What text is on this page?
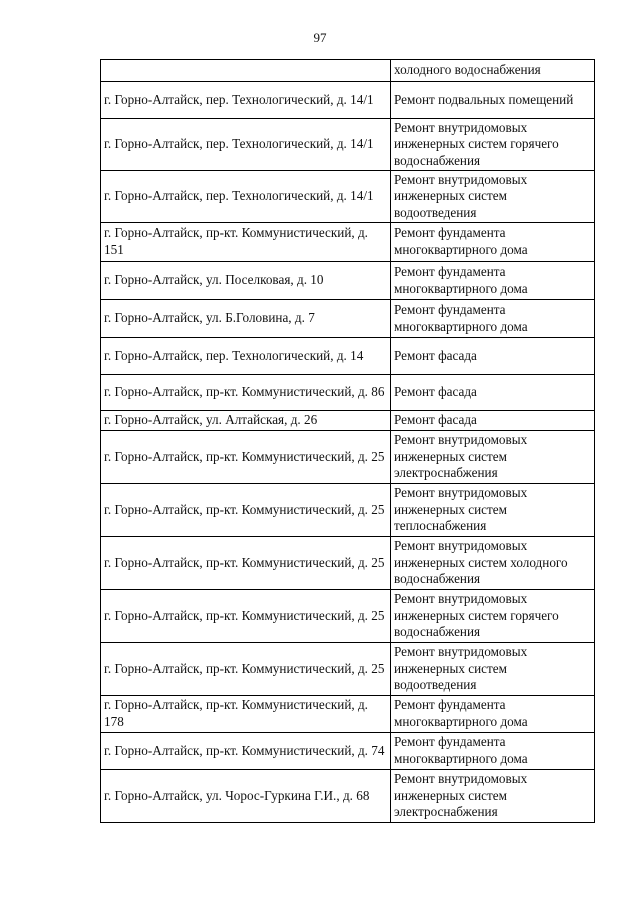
97
	холодного водоснабжения
г. Горно-Алтайск, пер. Технологический, д. 14/1	Ремонт подвальных помещений
г. Горно-Алтайск, пер. Технологический, д. 14/1	Ремонт внутридомовых инженерных систем горячего водоснабжения
г. Горно-Алтайск, пер. Технологический, д. 14/1	Ремонт внутридомовых инженерных систем водоотведения
г. Горно-Алтайск, пр-кт. Коммунистический, д. 151	Ремонт фундамента многоквартирного дома
г. Горно-Алтайск, ул. Поселковая, д. 10	Ремонт фундамента многоквартирного дома
г. Горно-Алтайск, ул. Б.Головина, д. 7	Ремонт фундамента многоквартирного дома
г. Горно-Алтайск, пер. Технологический, д. 14	Ремонт фасада
г. Горно-Алтайск, пр-кт. Коммунистический, д. 86	Ремонт фасада
г. Горно-Алтайск, ул. Алтайская, д. 26	Ремонт фасада
г. Горно-Алтайск, пр-кт. Коммунистический, д. 25	Ремонт внутридомовых инженерных систем электроснабжения
г. Горно-Алтайск, пр-кт. Коммунистический, д. 25	Ремонт внутридомовых инженерных систем теплоснабжения
г. Горно-Алтайск, пр-кт. Коммунистический, д. 25	Ремонт внутридомовых инженерных систем холодного водоснабжения
г. Горно-Алтайск, пр-кт. Коммунистический, д. 25	Ремонт внутридомовых инженерных систем горячего водоснабжения
г. Горно-Алтайск, пр-кт. Коммунистический, д. 25	Ремонт внутридомовых инженерных систем водоотведения
г. Горно-Алтайск, пр-кт. Коммунистический, д. 178	Ремонт фундамента многоквартирного дома
г. Горно-Алтайск, пр-кт. Коммунистический, д. 74	Ремонт фундамента многоквартирного дома
г. Горно-Алтайск, ул. Чорос-Гуркина Г.И., д. 68	Ремонт внутридомовых инженерных систем электроснабжения
